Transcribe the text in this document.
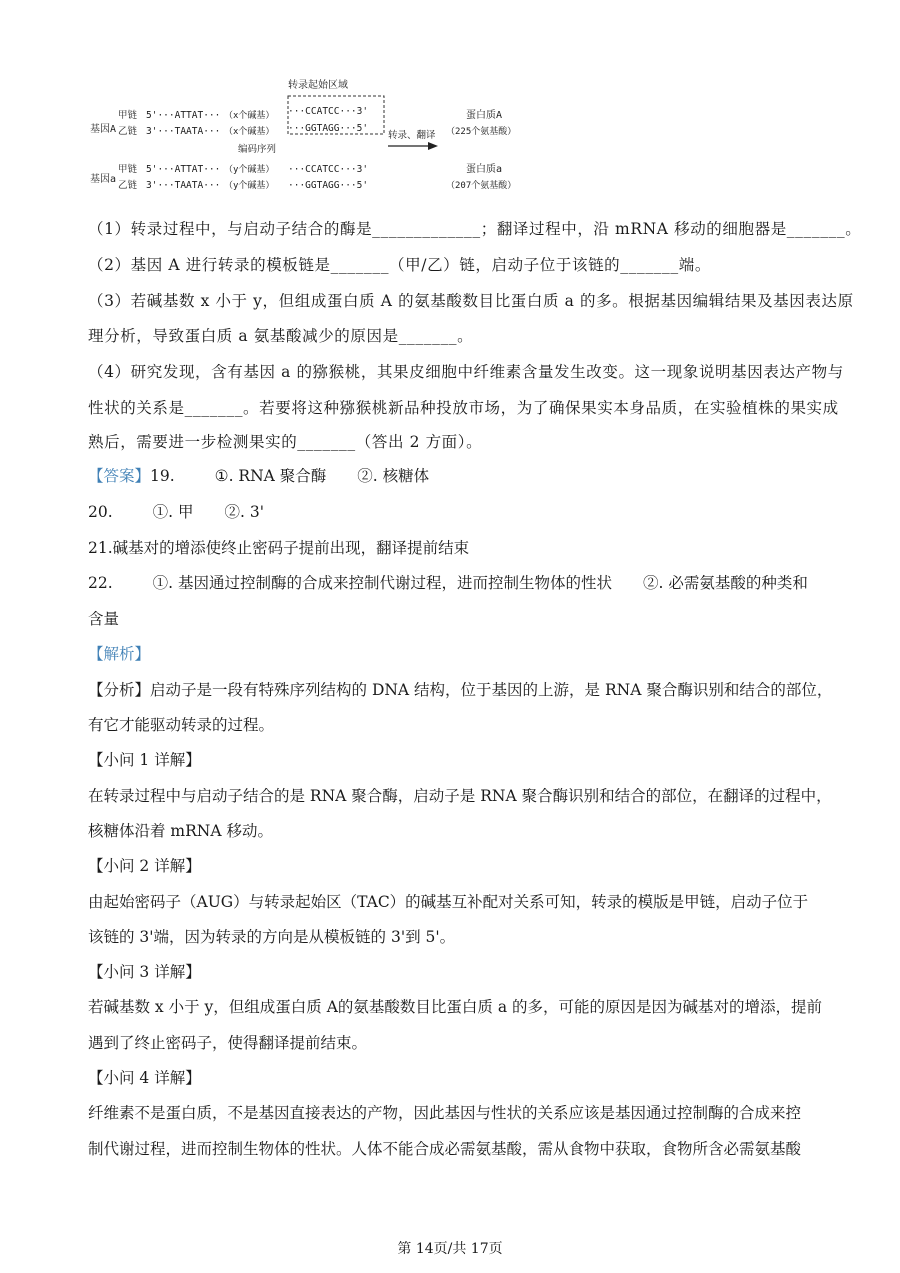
转录起始区域
基因A
甲链
乙链
5'···ATTAT···
3'···TAATA···
（x个碱基）
（x个碱基）
···CCATCC···3'
···GGTAGG···5'
转录、翻译
蛋白质A
（225个氨基酸）
编码序列
基因a
甲链
乙链
5'···ATTAT···
3'···TAATA···
（y个碱基）
（y个碱基）
···CCATCC···3'
···GGTAGG···5'
蛋白质a
（207个氨基酸）
（1）转录过程中，与启动子结合的酶是_____________；翻译过程中，沿 mRNA 移动的细胞器是_______。
（2）基因 A 进行转录的模板链是_______（甲/乙）链，启动子位于该链的_______端。
（3）若碱基数 x 小于 y，但组成蛋白质 A 的氨基酸数目比蛋白质 a 的多。根据基因编辑结果及基因表达原
理分析，导致蛋白质 a 氨基酸减少的原因是_______。
（4）研究发现，含有基因 a 的猕猴桃，其果皮细胞中纤维素含量发生改变。这一现象说明基因表达产物与
性状的关系是_______。若要将这种猕猴桃新品种投放市场，为了确保果实本身品质，在实验植株的果实成
熟后，需要进一步检测果实的_______（答出 2 方面）。
【答案】19.	①. RNA 聚合酶　　②. 核糖体
20.	①. 甲　　②. 3'
21.碱基对的增添使终止密码子提前出现，翻译提前结束
22.	①. 基因通过控制酶的合成来控制代谢过程，进而控制生物体的性状　　②. 必需氨基酸的种类和
含量
【解析】
【分析】启动子是一段有特殊序列结构的 DNA 结构，位于基因的上游，是 RNA 聚合酶识别和结合的部位，
有它才能驱动转录的过程。
【小问 1 详解】
在转录过程中与启动子结合的是 RNA 聚合酶，启动子是 RNA 聚合酶识别和结合的部位，在翻译的过程中，
核糖体沿着 mRNA 移动。
【小问 2 详解】
由起始密码子（AUG）与转录起始区（TAC）的碱基互补配对关系可知，转录的模版是甲链，启动子位于
该链的 3'端，因为转录的方向是从模板链的 3'到 5'。
【小问 3 详解】
若碱基数 x 小于 y，但组成蛋白质 A的氨基酸数目比蛋白质 a 的多，可能的原因是因为碱基对的增添，提前
遇到了终止密码子，使得翻译提前结束。
【小问 4 详解】
纤维素不是蛋白质，不是基因直接表达的产物，因此基因与性状的关系应该是基因通过控制酶的合成来控
制代谢过程，进而控制生物体的性状。人体不能合成必需氨基酸，需从食物中获取，食物所含必需氨基酸
第 14页/共 17页
